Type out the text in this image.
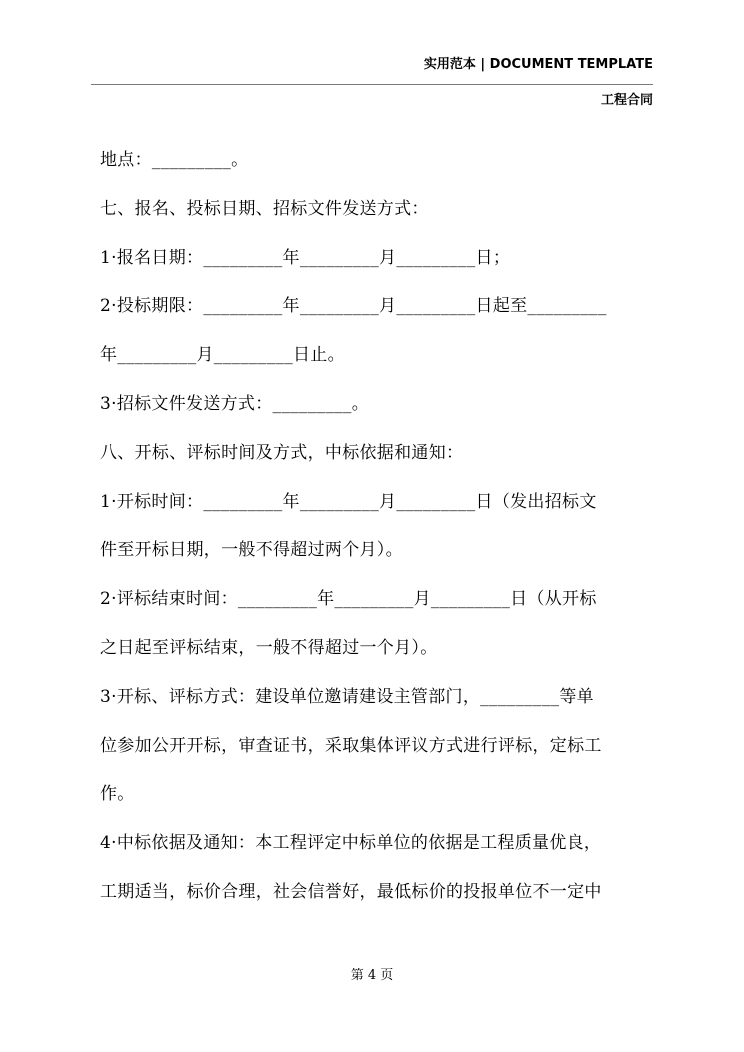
实用范本 | DOCUMENT TEMPLATE
工程合同
地点：_________。
七、报名、投标日期、招标文件发送方式：
1·报名日期：_________年_________月_________日；
2·投标期限：_________年_________月_________日起至_________
年_________月_________日止。
3·招标文件发送方式：_________。
八、开标、评标时间及方式，中标依据和通知：
1·开标时间：_________年_________月_________日（发出招标文
件至开标日期，一般不得超过两个月）。
2·评标结束时间：_________年_________月_________日（从开标
之日起至评标结束，一般不得超过一个月）。
3·开标、评标方式：建设单位邀请建设主管部门，_________等单
位参加公开开标，审查证书，采取集体评议方式进行评标，定标工
作。
4·中标依据及通知：本工程评定中标单位的依据是工程质量优良，
工期适当，标价合理，社会信誉好，最低标价的投报单位不一定中
第 4 页
